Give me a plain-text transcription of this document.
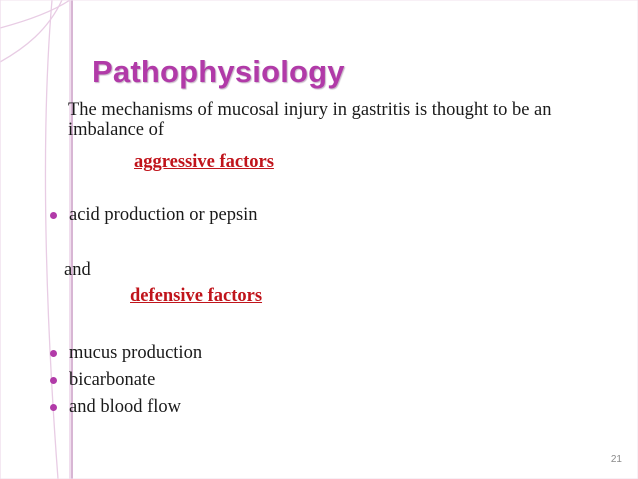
Pathophysiology
The mechanisms of mucosal injury in gastritis is thought to be an imbalance of
aggressive factors
acid production or pepsin
and
defensive factors
mucus production
bicarbonate
and blood flow
21
